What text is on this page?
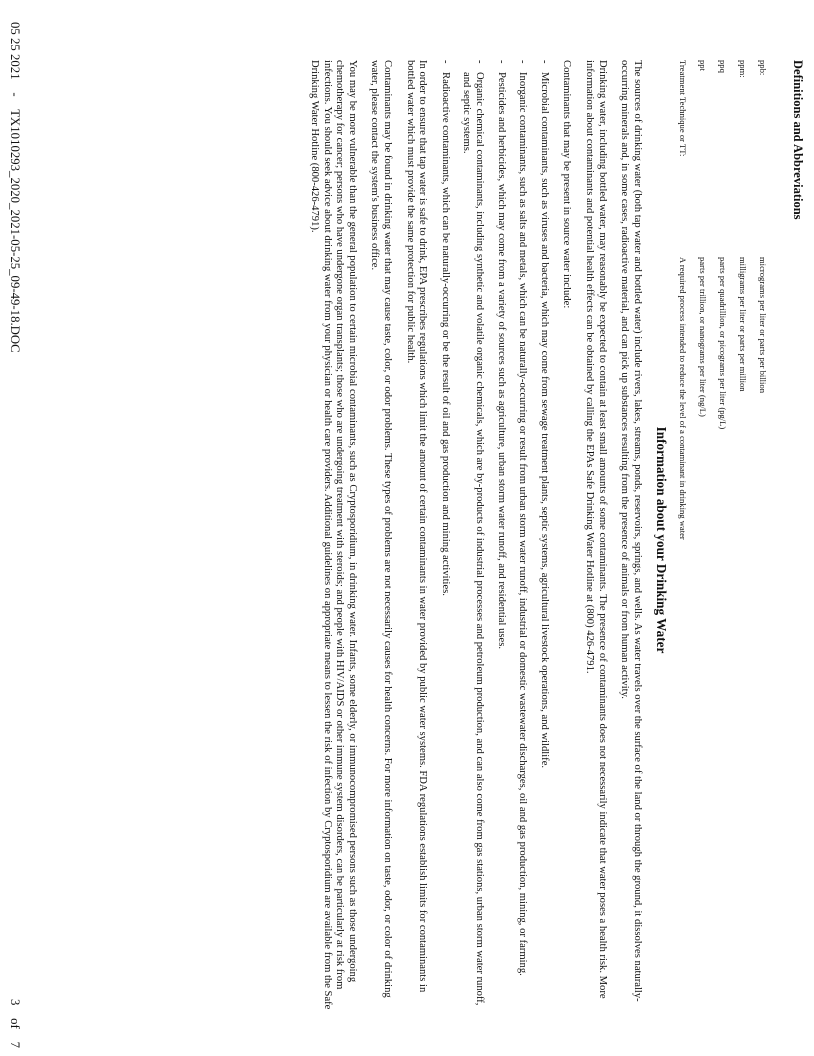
Definitions and Abbreviations
ppb:
micrograms per liter or parts per billion
ppm:
milligrams per liter or parts per million
ppq
parts per quadrillion, or picograms per liter (pg/L)
ppt
parts per trillion, or nanograms per liter (ng/L)
Treatment Technique or TT:
A required process intended to reduce the level of a contaminant in drinking water
Information about your Drinking Water

The sources of drinking water (both tap water and bottled water) include rivers, lakes, streams, ponds, reservoirs, springs, and wells. As water travels over the surface of the land or through the ground, it dissolves naturally-occurring minerals and, in some cases, radioactive material, and can pick up substances resulting from the presence of animals or from human activity.

Drinking water, including bottled water, may reasonably be expected to contain at least small amounts of some contaminants. The presence of contaminants does not necessarily indicate that water poses a health risk. More information about contaminants and potential health effects can be obtained by calling the EPAs Safe Drinking Water Hotline at (800) 426-4791.

Contaminants that may be present in source water include:

-
Microbial contaminants, such as viruses and bacteria, which may come from sewage treatment plants, septic systems, agricultural livestock operations, and wildlife.
-
Inorganic contaminants, such as salts and metals, which can be naturally-occurring or result from urban storm water runoff, industrial or domestic wastewater discharges, oil and gas production, mining, or farming.
-
Pesticides and herbicides, which may come from a variety of sources such as agriculture, urban storm water runoff, and residential uses.
-
Organic chemical contaminants, including synthetic and volatile organic chemicals, which are by-products of industrial processes and petroleum production, and can also come from gas stations, urban storm water runoff, and septic systems.
-
Radioactive contaminants, which can be naturally-occurring or be the result of oil and gas production and mining activities.

In order to ensure that tap water is safe to drink, EPA prescribes regulations which limit the amount of certain contaminants in water provided by public water systems. FDA regulations establish limits for contaminants in bottled water which must provide the same protection for public health.

Contaminants may be found in drinking water that may cause taste, color, or odor problems. These types of problems are not necessarily causes for health concerns. For more information on taste, odor, or color of drinking water, please contact the system's business office.

You may be more vulnerable than the general population to certain microbial contaminants, such as Cryptosporidium, in drinking water. Infants, some elderly, or immunocompromised persons such as those undergoing chemotherapy for cancer; persons who have undergone organ transplants; those who are undergoing treatment with steroids; and people with HIV/AIDS or other immune system disorders, can be particularly at risk from infections. You should seek advice about drinking water from your physician or health care providers. Additional guidelines on appropriate means to lessen the risk of infection by Cryptosporidium are available from the Safe Drinking Water Hotline (800-426-4791).

05 25 2021    -    TX1010293_2020_2021-05-25_09-49-18.DOC
3    of    7
